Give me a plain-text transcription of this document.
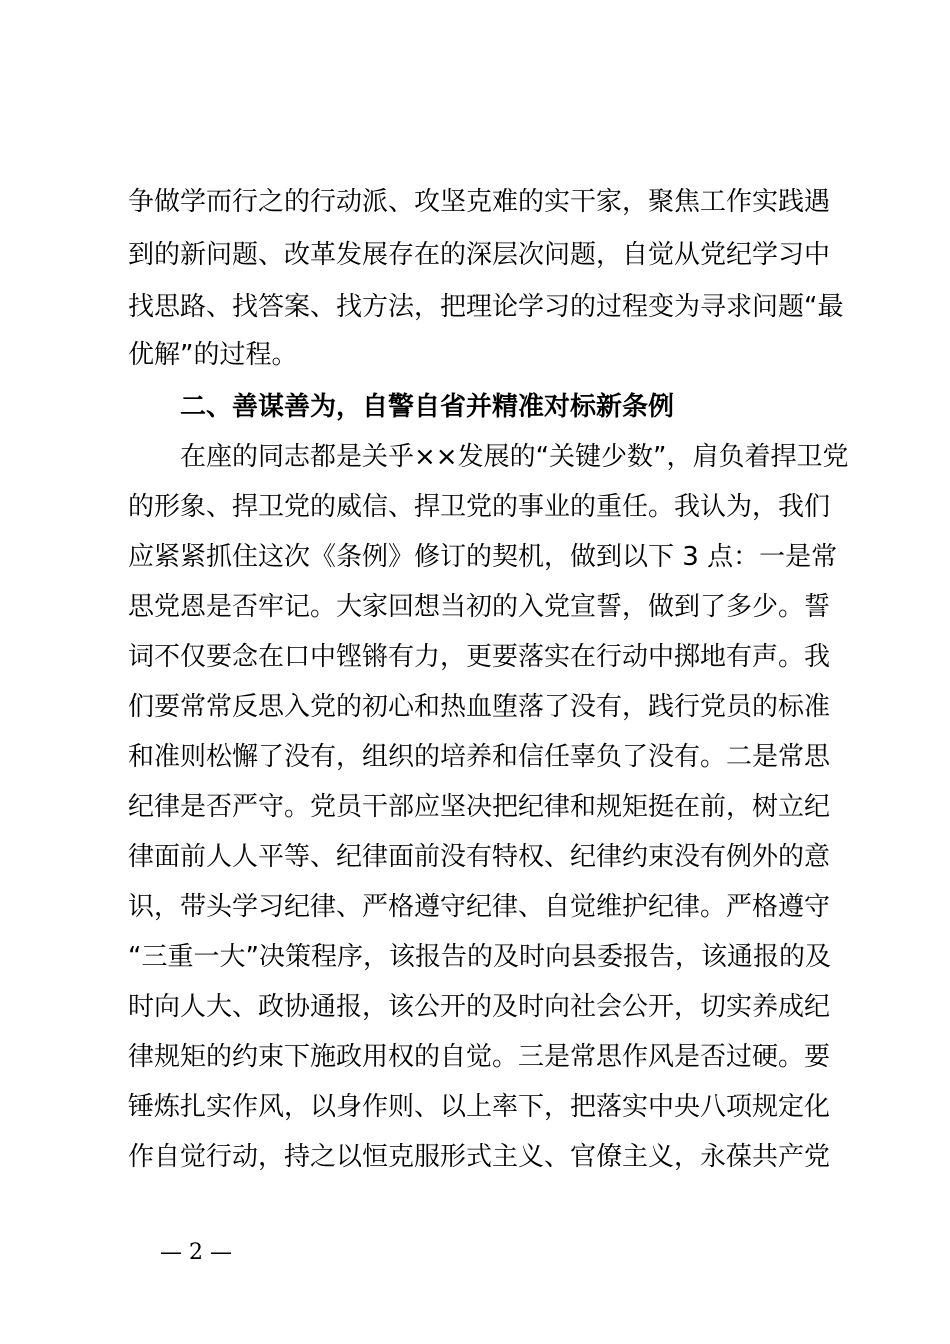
争做学而行之的行动派、攻坚克难的实干家，聚焦工作实践遇
到的新问题、改革发展存在的深层次问题，自觉从党纪学习中
找思路、找答案、找方法，把理论学习的过程变为寻求问题“最
优解”的过程。
二、善谋善为，自警自省并精准对标新条例
在座的同志都是关乎××发展的“关键少数”，肩负着捍卫党
的形象、捍卫党的威信、捍卫党的事业的重任。我认为，我们
应紧紧抓住这次《条例》修订的契机，做到以下 3 点：一是常
思党恩是否牢记。大家回想当初的入党宣誓，做到了多少。誓
词不仅要念在口中铿锵有力，更要落实在行动中掷地有声。我
们要常常反思入党的初心和热血堕落了没有，践行党员的标准
和准则松懈了没有，组织的培养和信任辜负了没有。二是常思
纪律是否严守。党员干部应坚决把纪律和规矩挺在前，树立纪
律面前人人平等、纪律面前没有特权、纪律约束没有例外的意
识，带头学习纪律、严格遵守纪律、自觉维护纪律。严格遵守
“三重一大”决策程序，该报告的及时向县委报告，该通报的及
时向人大、政协通报，该公开的及时向社会公开，切实养成纪
律规矩的约束下施政用权的自觉。三是常思作风是否过硬。要
锤炼扎实作风，以身作则、以上率下，把落实中央八项规定化
作自觉行动，持之以恒克服形式主义、官僚主义，永葆共产党
— 2 —
